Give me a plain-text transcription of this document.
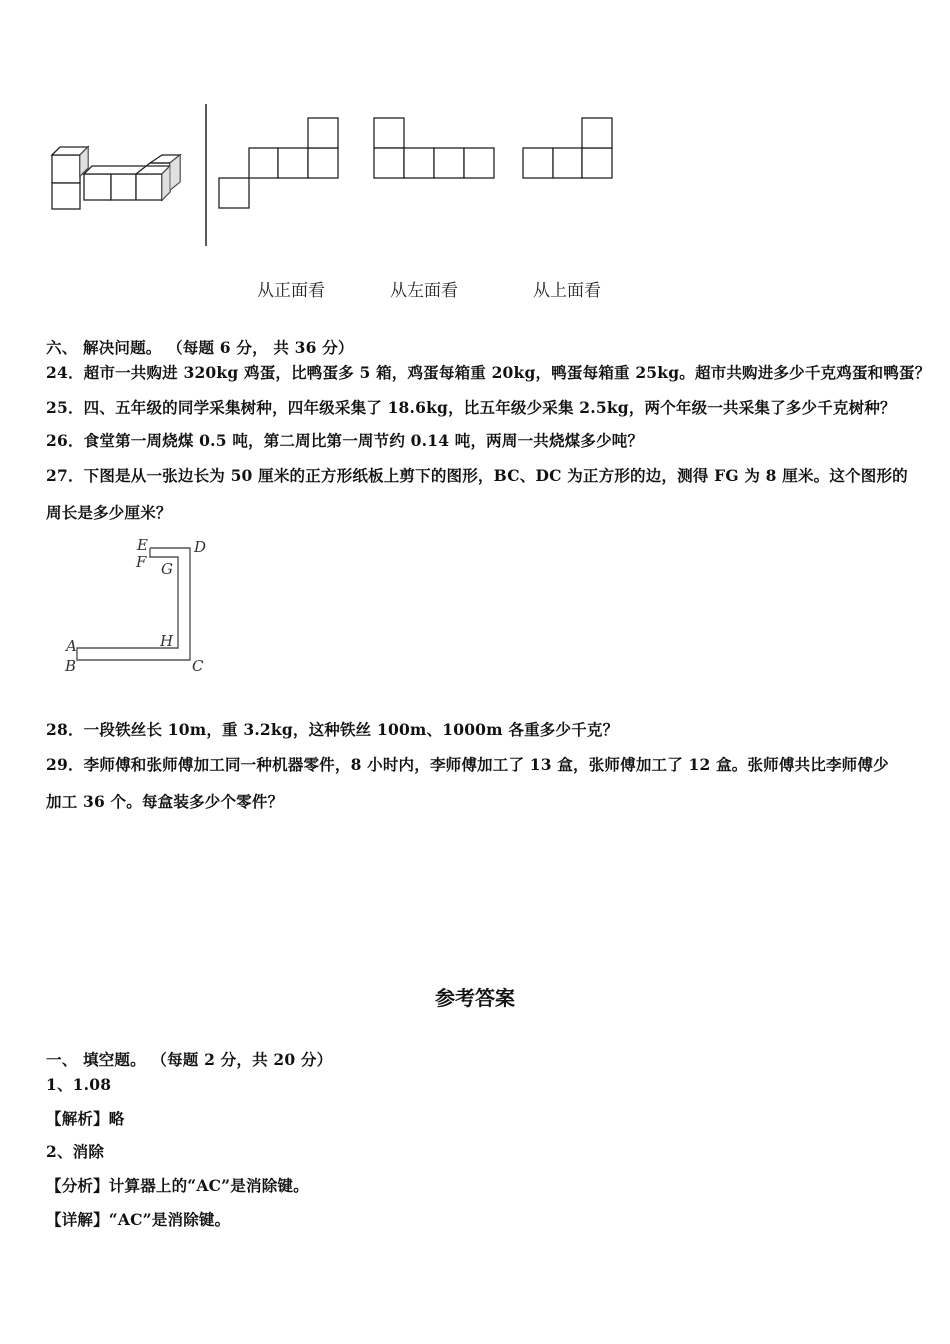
从正面看	从左面看	从上面看
六、 解决问题。 （每题 6 分， 共 36 分）
24．超市一共购进 320kg 鸡蛋，比鸭蛋多 5 箱，鸡蛋每箱重 20kg，鸭蛋每箱重 25kg。超市共购进多少千克鸡蛋和鸭蛋？
25．四、五年级的同学采集树种，四年级采集了 18.6kg，比五年级少采集 2.5kg，两个年级一共采集了多少千克树种？
26．食堂第一周烧煤 0.5 吨，第二周比第一周节约 0.14 吨，两周一共烧煤多少吨？
27．下图是从一张边长为 50 厘米的正方形纸板上剪下的图形，BC、DC 为正方形的边，测得 FG 为 8 厘米。这个图形的
周长是多少厘米？
E	D
F G
A	H
B	C
28．一段铁丝长 10m，重 3.2kg，这种铁丝 100m、1000m 各重多少千克？
29．李师傅和张师傅加工同一种机器零件，8 小时内，李师傅加工了 13 盒，张师傅加工了 12 盒。张师傅共比李师傅少
加工 36 个。每盒装多少个零件？
参考答案
一、 填空题。 （每题 2 分，共 20 分）
1、1.08
【解析】略
2、消除
【分析】计算器上的“AC”是消除键。
【详解】“AC”是消除键。
